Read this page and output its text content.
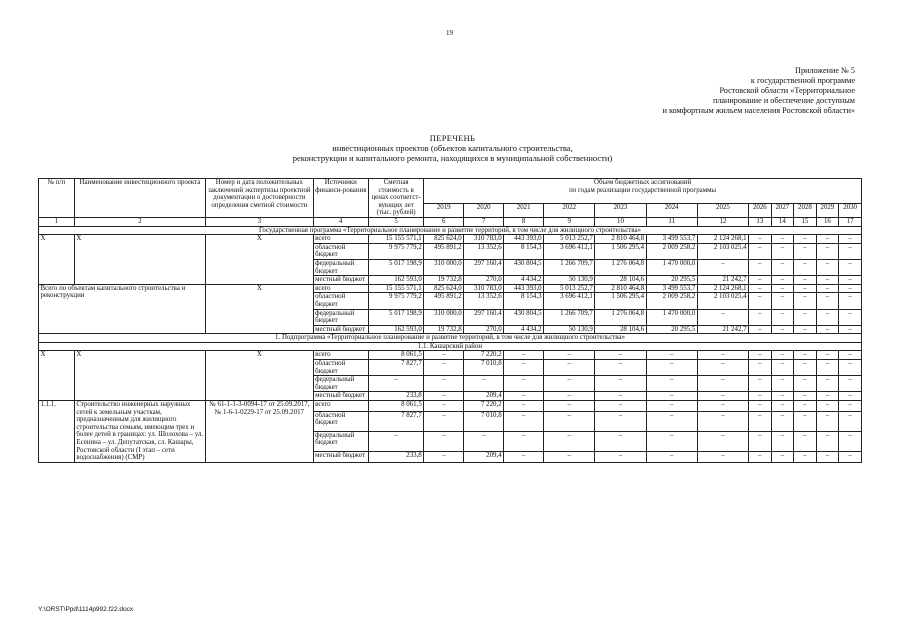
19
Приложение № 5
к государственной программе
Ростовской области «Территориальное
планирование и обеспечение доступным
и комфортным жильем населения Ростовской области»
ПЕРЕЧЕНЬ
инвестиционных проектов (объектов капитального строительства,
реконструкции и капитального ремонта, находящихся в муниципальной собственности)
№ п/п	Наименование инвестиционного проекта	Номер и дата положительных заключений экспертизы проектной документации о достоверности определения сметной стоимости	Источники финанси-рования	Сметная стоимость в ценах соответст-вующих лет (тыс. рублей)	Объем бюджетных ассигнований
по годам реализации государственной программы											

					2019	2020	2021	2022	2023	2024	2025	2026	2027	2028	2029	2030
1	2	3	4	5	6	7	8	9	10	11	12	13	14	15	16	17
Государственная программа «Территориальное планирование и развитие территорий, в том числе для жилищного строительства»																
Х	Х	Х	всего	15 155 571,1	825 624,0	310 783,0	443 393,0	5 013 252,7	2 810 464,8	3 499 553,7	2 124 268,1	–	–	–	–	–
			областной бюджет	9 975 779,2	495 891,2	13 352,6	8 154,3	3 696 412,1	1 506 295,4	2 009 258,2	2 103 025,4	–	–	–	–	–
			федеральный бюджет	5 017 198,9	310 000,0	297 160,4	430 804,5	1 266 709,7	1 276 064,8	1 470 000,0	–	–	–	–	–	–
			местный бюджет	162 593,0	19 732,8	270,0	4 434,2	50 130,9	28 104,6	20 295,5	21 242,7	–	–	–	–	–
Всего по объектам капитального строительства и реконструкции		Х	всего	15 155 571,1	825 624,0	310 783,0	443 393,0	5 013 252,7	2 810 464,8	3 499 553,7	2 124 268,1	–	–	–	–	–
			областной бюджет	9 975 779,2	495 891,2	13 352,6	8 154,3	3 696 412,1	1 506 295,4	2 009 258,2	2 103 025,4	–	–	–	–	–
			федеральный бюджет	5 017 198,9	310 000,0	297 160,4	430 804,5	1 266 709,7	1 276 064,8	1 470 000,0	–	–	–	–	–	–
			местный бюджет	162 593,0	19 732,8	270,0	4 434,2	50 130,9	28 104,6	20 295,5	21 242,7	–	–	–	–	–
1. Подпрограмма «Территориальное планирование и развитие территорий, в том числе для жилищного строительства»																
1.1. Кашарский район																
Х	Х	Х	всего	8 061,5	–	7 220,2	–	–	–	–	–	–	–	–	–	–
			областной бюджет	7 827,7	–	7 010,8	–	–	–	–	–	–	–	–	–	–
			федеральный бюджет	–	–	–	–	–	–	–	–	–	–	–	–	–
			местный бюджет	233,8	–	209,4	–	–	–	–	–	–	–	–	–	–
1.1.1.	Строительство инженерных наружных сетей к земельным участкам, предназначенным для жилищного строительства семьям, имеющим трех и более детей в границах: ул. Шолохова – ул. Есенина – ул. Депутатская, сл. Кашары, Ростовской области (I этап – сети водоснабжения) (СМР)	№ 61-1-1-3-0094-17 от 25.09.2017, № 1-6-1-0229-17 от 25.09.2017	всего	8 061,5	–	7 220,2	–	–	–	–	–	–	–	–	–	–
			областной бюджет	7 827,7	–	7 010,8	–	–	–	–	–	–	–	–	–	–
			федеральный бюджет	–	–	–	–	–	–	–	–	–	–	–	–	–
			местный бюджет	233,8	–	209,4	–	–	–	–	–	–	–	–	–	–
Y:\ORST\Ppd\1114p992.f22.docx
